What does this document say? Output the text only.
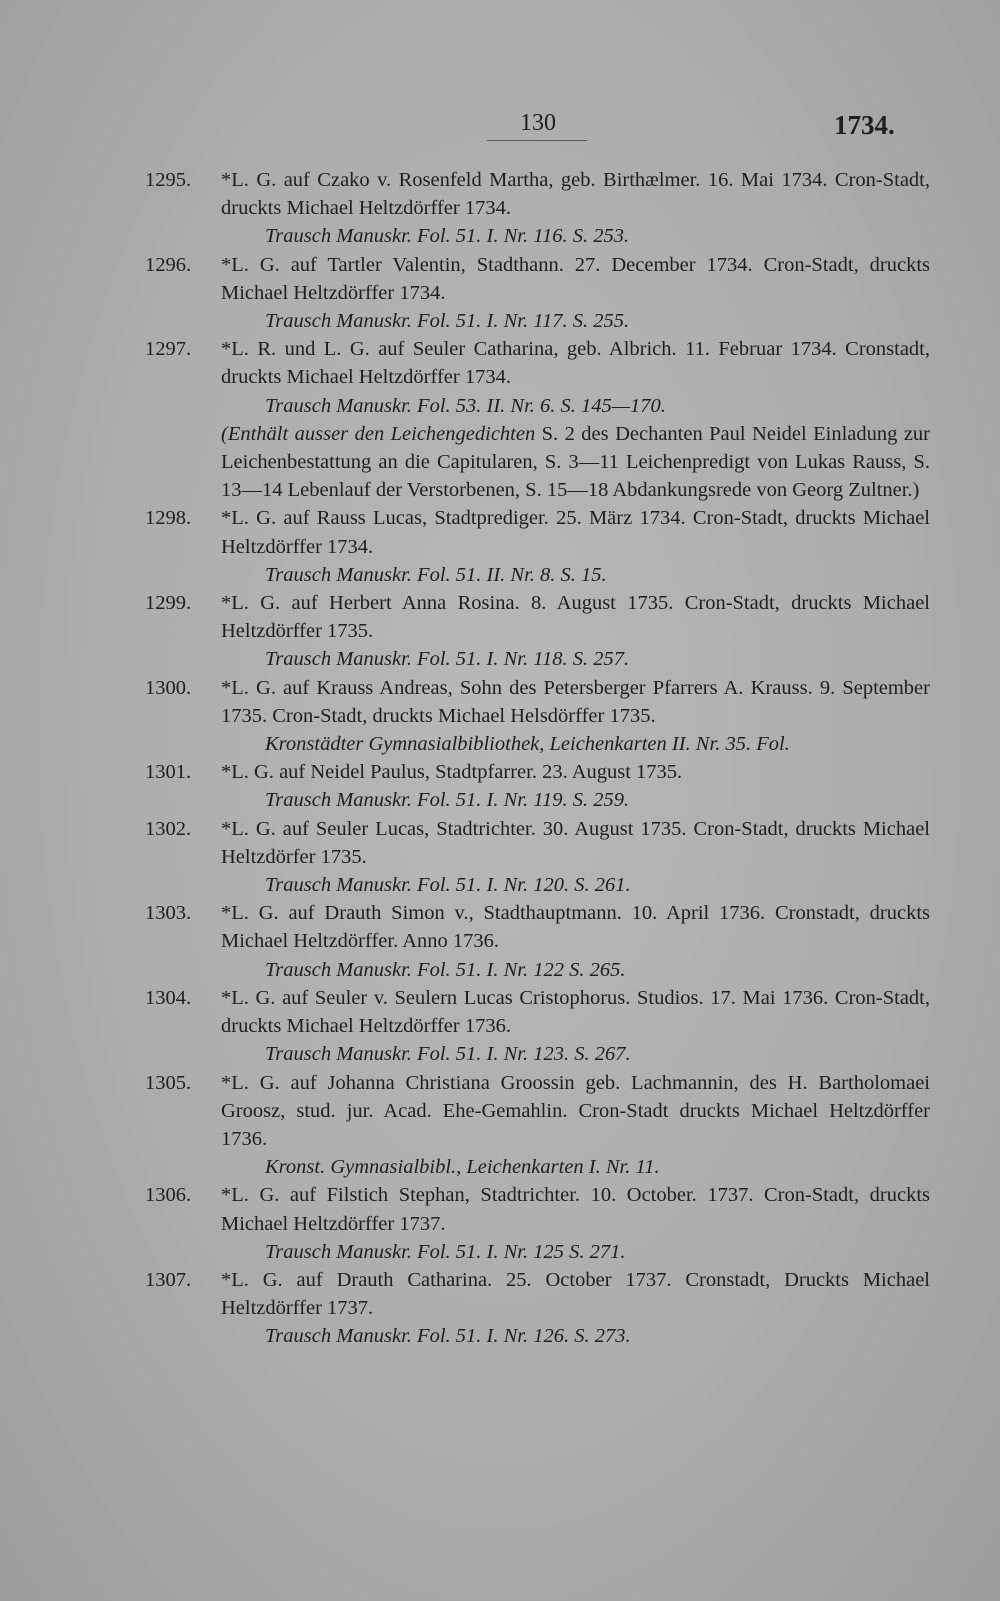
130	1734.
1295. *L. G. auf Czako v. Rosenfeld Martha, geb. Birthælmer. 16. Mai 1734. Cron-Stadt, druckts Michael Heltzdörffer 1734.
Trausch Manuskr. Fol. 51. I. Nr. 116. S. 253.
1296. *L. G. auf Tartler Valentin, Stadthann. 27. December 1734. Cron-Stadt, druckts Michael Heltzdörffer 1734.
Trausch Manuskr. Fol. 51. I. Nr. 117. S. 255.
1297. *L. R. und L. G. auf Seuler Catharina, geb. Albrich. 11. Februar 1734. Cronstadt, druckts Michael Heltzdörffer 1734.
Trausch Manuskr. Fol. 53. II. Nr. 6. S. 145—170.
(Enthält ausser den Leichengedichten S. 2 des Dechanten Paul Neidel Einladung zur Leichenbestattung an die Capitularen, S. 3—11 Leichenpredigt von Lukas Rauss, S. 13—14 Lebenlauf der Verstorbenen, S. 15—18 Abdankungsrede von Georg Zultner.)
1298. *L. G. auf Rauss Lucas, Stadtprediger. 25. März 1734. Cron-Stadt, druckts Michael Heltzdörffer 1734.
Trausch Manuskr. Fol. 51. II. Nr. 8. S. 15.
1299. *L. G. auf Herbert Anna Rosina. 8. August 1735. Cron-Stadt, druckts Michael Heltzdörffer 1735.
Trausch Manuskr. Fol. 51. I. Nr. 118. S. 257.
1300. *L. G. auf Krauss Andreas, Sohn des Petersberger Pfarrers A. Krauss. 9. September 1735. Cron-Stadt, druckts Michael Helsdörffer 1735.
Kronstädter Gymnasialbibliothek, Leichenkarten II. Nr. 35. Fol.
1301. *L. G. auf Neidel Paulus, Stadtpfarrer. 23. August 1735.
Trausch Manuskr. Fol. 51. I. Nr. 119. S. 259.
1302. *L. G. auf Seuler Lucas, Stadtrichter. 30. August 1735. Cron-Stadt, druckts Michael Heltzdörfer 1735.
Trausch Manuskr. Fol. 51. I. Nr. 120. S. 261.
1303. *L. G. auf Drauth Simon v., Stadthauptmann. 10. April 1736. Cronstadt, druckts Michael Heltzdörffer. Anno 1736.
Trausch Manuskr. Fol. 51. I. Nr. 122 S. 265.
1304. *L. G. auf Seuler v. Seulern Lucas Cristophorus. Studios. 17. Mai 1736. Cron-Stadt, druckts Michael Heltzdörffer 1736.
Trausch Manuskr. Fol. 51. I. Nr. 123. S. 267.
1305. *L. G. auf Johanna Christiana Groossin geb. Lachmannin, des H. Bartholomaei Groosz, stud. jur. Acad. Ehe-Gemahlin. Cron-Stadt druckts Michael Heltzdörffer 1736.
Kronst. Gymnasialbibl., Leichenkarten I. Nr. 11.
1306. *L. G. auf Filstich Stephan, Stadtrichter. 10. October. 1737. Cron-Stadt, druckts Michael Heltzdörffer 1737.
Trausch Manuskr. Fol. 51. I. Nr. 125 S. 271.
1307. *L. G. auf Drauth Catharina. 25. October 1737. Cronstadt, Druckts Michael Heltzdörffer 1737.
Trausch Manuskr. Fol. 51. I. Nr. 126. S. 273.
